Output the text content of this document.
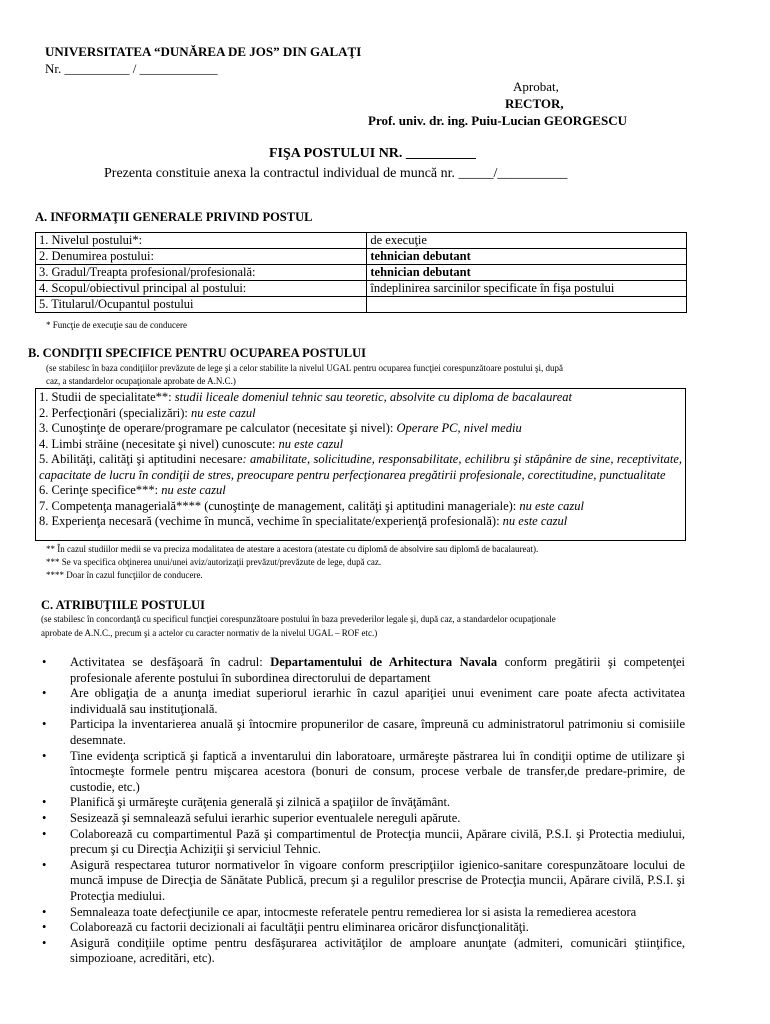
UNIVERSITATEA “DUNĂREA DE JOS” DIN GALAŢI
Nr. __________ / ____________
Aprobat,
RECTOR,
Prof. univ. dr. ing. Puiu-Lucian GEORGESCU
FIŞA POSTULUI NR. __________
Prezenta constituie anexa la contractul individual de muncă nr. _____/__________
A. INFORMAŢII GENERALE PRIVIND POSTUL
1. Nivelul postului*:	de execuţie
2. Denumirea postului:	tehnician debutant
3. Gradul/Treapta profesional/profesională:	tehnician debutant
4. Scopul/obiectivul principal al postului:	îndeplinirea sarcinilor specificate în fişa postului
5. Titularul/Ocupantul postului	
* Funcţie de execuţie sau de conducere
B. CONDIŢII SPECIFICE PENTRU OCUPAREA POSTULUI
(se stabilesc în baza condiţiilor prevăzute de lege şi a celor stabilite la nivelul UGAL pentru ocuparea funcţiei corespunzătoare postului şi, după
caz, a standardelor ocupaţionale aprobate de A.N.C.)
1. Studii de specialitate**: studii liceale domeniul tehnic sau teoretic, absolvite cu diploma de bacalaureat
2. Perfecţionări (specializări): nu este cazul
3. Cunoştinţe de operare/programare pe calculator (necesitate şi nivel): Operare PC, nivel mediu
4. Limbi străine (necesitate şi nivel) cunoscute: nu este cazul
5. Abilităţi, calităţi şi aptitudini necesare: amabilitate, solicitudine, responsabilitate, echilibru şi stăpânire de sine, receptivitate, capacitate de lucru în condiţii de stres, preocupare pentru perfecţionarea pregătirii profesionale, corectitudine, punctualitate
6. Cerinţe specifice***: nu este cazul
7. Competenţa managerială**** (cunoştinţe de management, calităţi şi aptitudini manageriale): nu este cazul
8. Experienţa necesară (vechime în muncă, vechime în specialitate/experienţă profesională): nu este cazul
** În cazul studiilor medii se va preciza modalitatea de atestare a acestora (atestate cu diplomă de absolvire sau diplomă de bacalaureat).
*** Se va specifica obţinerea unui/unei aviz/autorizaţii prevăzut/prevăzute de lege, după caz.
**** Doar în cazul funcţiilor de conducere.
C. ATRIBUŢIILE POSTULUI
(se stabilesc în concordanţă cu specificul funcţiei corespunzătoare postului în baza prevederilor legale şi, după caz, a standardelor ocupaţionale
aprobate de A.N.C., precum şi a actelor cu caracter normativ de la nivelul UGAL – ROF etc.)
• Activitatea se desfăşoară în cadrul: Departamentului de Arhitectura Navala conform pregătirii şi competenţei profesionale aferente postului în subordinea directorului de departament
• Are obligaţia de a anunţa imediat superiorul ierarhic în cazul apariţiei unui eveniment care poate afecta activitatea individuală sau instituţională.
• Participa la inventarierea anuală şi întocmire propunerilor de casare, împreună cu administratorul patrimoniu si comisiile desemnate.
• Tine evidenţa scriptică şi faptică a inventarului din laboratoare, urmăreşte păstrarea lui în condiţii optime de utilizare şi întocmeşte formele pentru mişcarea acestora (bonuri de consum, procese verbale de transfer,de predare-primire, de custodie, etc.)
• Planifică şi urmăreşte curăţenia generală şi zilnică a spaţiilor de învăţământ.
• Sesizează şi semnalează sefului ierarhic superior eventualele nereguli apărute.
• Colaborează cu compartimentul Pază şi compartimentul de Protecţia muncii, Apărare civilă, P.S.I. şi Protectia mediului, precum şi cu Direcţia Achiziţii şi serviciul Tehnic.
• Asigură respectarea tuturor normativelor în vigoare conform prescripţiilor igienico-sanitare corespunzătoare locului de muncă impuse de Direcţia de Sănătate Publică, precum şi a regulilor prescrise de Protecţia muncii, Apărare civilă, P.S.I. şi Protecţia mediului.
• Semnaleaza toate defecţiunile ce apar, intocmeste referatele pentru remedierea lor si asista la remedierea acestora
• Colaborează cu factorii decizionali ai facultăţii pentru eliminarea oricăror disfuncţionalităţi.
• Asigură condiţiile optime pentru desfăşurarea activităţilor de amploare anunţate (admiteri, comunicări ştiinţifice, simpozioane, acreditări, etc).
